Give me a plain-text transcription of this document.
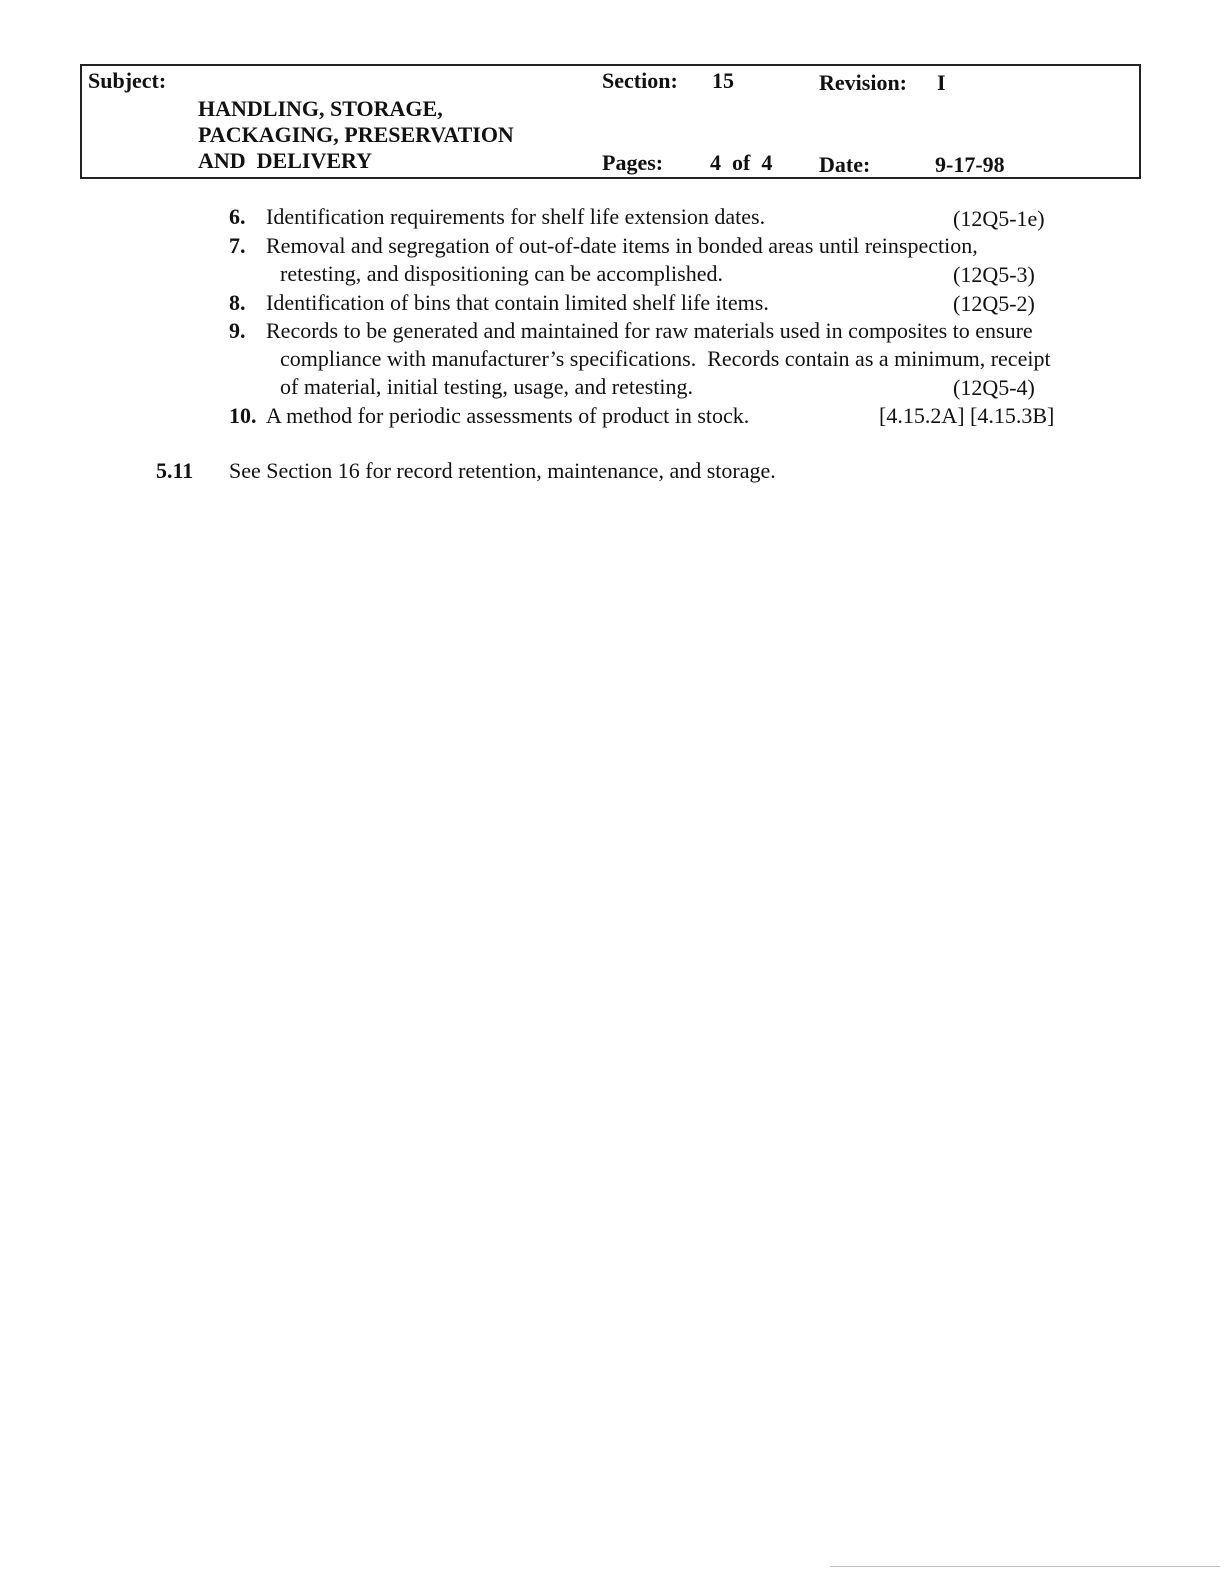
Subject:
HANDLING, STORAGE,
PACKAGING, PRESERVATION
AND  DELIVERY
Section: 15	Revision: I
Pages: 4  of  4 Date:	9-17-98
6. Identification requirements for shelf life extension dates.	(12Q5-1e)
7. Removal and segregation of out-of-date items in bonded areas until reinspection,
retesting, and dispositioning can be accomplished.	(12Q5-3)
8. Identification of bins that contain limited shelf life items.	(12Q5-2)
9. Records to be generated and maintained for raw materials used in composites to ensure
compliance with manufacturer’s specifications.  Records contain as a minimum, receipt
of material, initial testing, usage, and retesting.	(12Q5-4)
10. A method for periodic assessments of product in stock.	[4.15.2A] [4.15.3B]
5.11 See Section 16 for record retention, maintenance, and storage.
